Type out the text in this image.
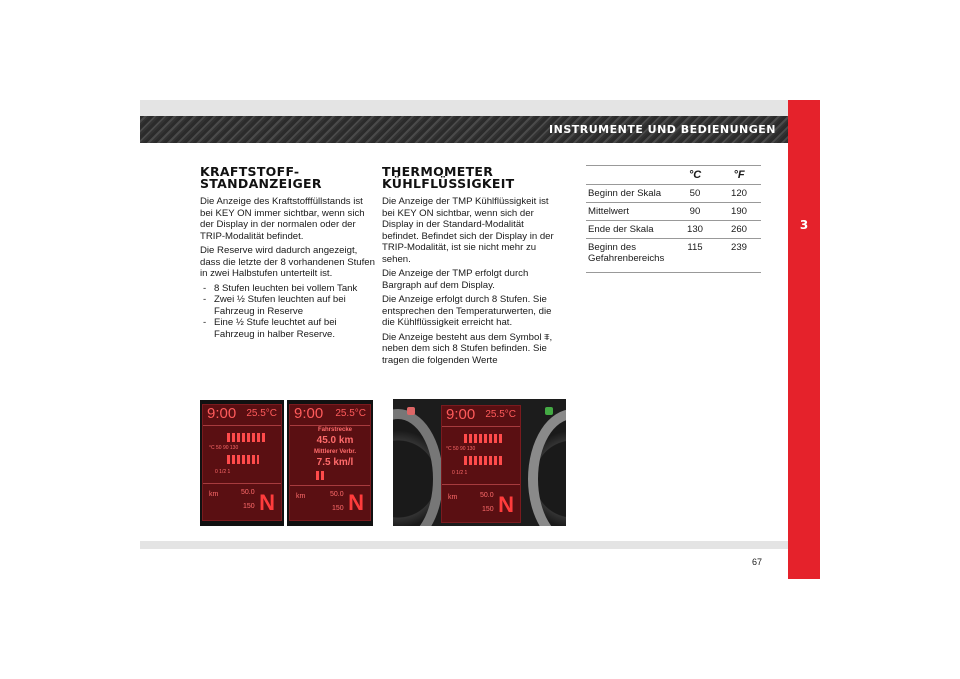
INSTRUMENTE UND BEDIENUNGEN
3
KRAFTSTOFF-
STANDANZEIGER

Die Anzeige des Kraftstofffüllstands ist bei KEY ON immer sichtbar, wenn sich der Display in der normalen oder der TRIP-Modalität befindet.

Die Reserve wird dadurch angezeigt, dass die letzte der 8 vorhandenen Stufen in zwei Halbstufen unterteilt ist.

- 8 Stufen leuchten bei vollem Tank
- Zwei ½ Stufen leuchten auf bei Fahrzeug in Reserve
- Eine ½ Stufe leuchtet auf bei Fahrzeug in halber Reserve.
THERMOMETER
KÜHLFLÜSSIGKEIT

Die Anzeige der TMP Kühlflüssigkeit ist bei KEY ON sichtbar, wenn sich der Display in der Standard-Modalität befindet. Befindet sich der Display in der TRIP-Modalität, ist sie nicht mehr zu sehen.

Die Anzeige der TMP erfolgt durch Bargraph auf dem Display.

Die Anzeige erfolgt durch 8 Stufen. Sie entsprechen den Temperaturwerten, die die Kühlflüssigkeit erreicht hat.

Die Anzeige besteht aus dem Symbol ⩨, neben dem sich 8 Stufen befinden. Sie tragen die folgenden Werte

	°C	°F
Beginn der Skala	50	120
Mittelwert	90	190
Ende der Skala	130	260
Beginn des Gefahrenbereichs	115	239
9:00 25.5°C
°C 50 90 130
0 1/2 1
km	50.0
150 N
9:00 25.5°C
Fahrstrecke
45.0 km
Mittlerer Verbr.
7.5 km/l
km	50.0
150 N
9:00 25.5°C
°C 50 90 130
0 1/2 1
km	50.0
150 N
67
